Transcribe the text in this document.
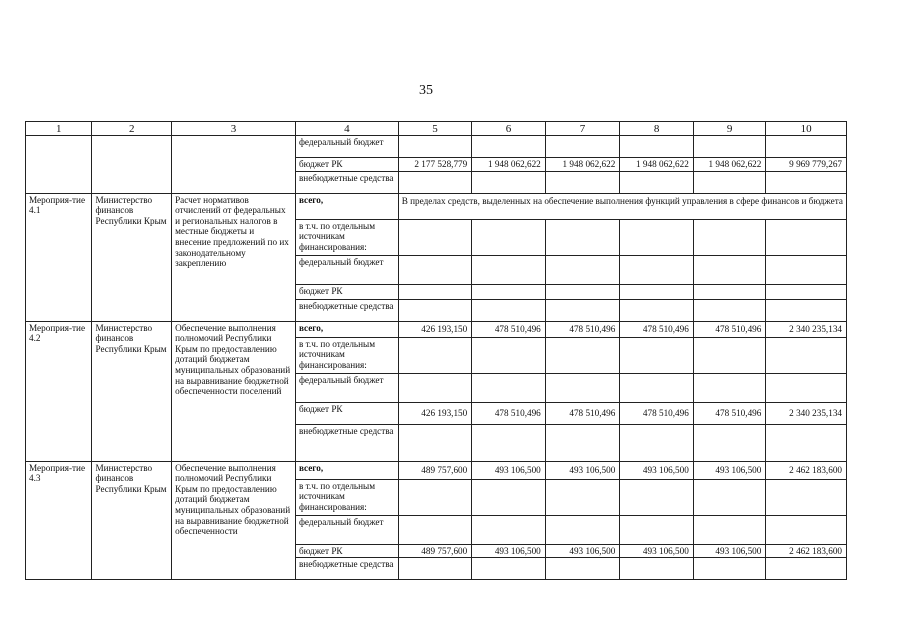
35
1	2	3	4	5	6	7	8	9	10
			федеральный бюджет						
			бюджет РК	2 177 528,779	1 948 062,622	1 948 062,622	1 948 062,622	1 948 062,622	9 969 779,267
			внебюджетные средства						
Мероприя-тие 4.1	Министерство финансов Республики Крым	Расчет нормативов отчислений от федеральных и региональных налогов в местные бюджеты и внесение предложений по их законодательному закреплению	всего,	В пределах средств, выделенных на обеспечение выполнения функций управления в сфере финансов и бюджета					
			в т.ч. по отдельным источникам финансирования:						
			федеральный бюджет						
			бюджет РК						
			внебюджетные средства						
Мероприя-тие 4.2	Министерство финансов Республики Крым	Обеспечение выполнения полномочий Республики Крым по предоставлению дотаций бюджетам муниципальных образований на выравнивание бюджетной обеспеченности поселений	всего,	426 193,150	478 510,496	478 510,496	478 510,496	478 510,496	2 340 235,134
			в т.ч. по отдельным источникам финансирования:						
			федеральный бюджет						
			бюджет РК	426 193,150	478 510,496	478 510,496	478 510,496	478 510,496	2 340 235,134
			внебюджетные средства						
Мероприя-тие 4.3	Министерство финансов Республики Крым	Обеспечение выполнения полномочий Республики Крым по предоставлению дотаций бюджетам муниципальных образований на выравнивание бюджетной обеспеченности	всего,	489 757,600	493 106,500	493 106,500	493 106,500	493 106,500	2 462 183,600
			в т.ч. по отдельным источникам финансирования:						
			федеральный бюджет						
			бюджет РК	489 757,600	493 106,500	493 106,500	493 106,500	493 106,500	2 462 183,600
			внебюджетные средства						
